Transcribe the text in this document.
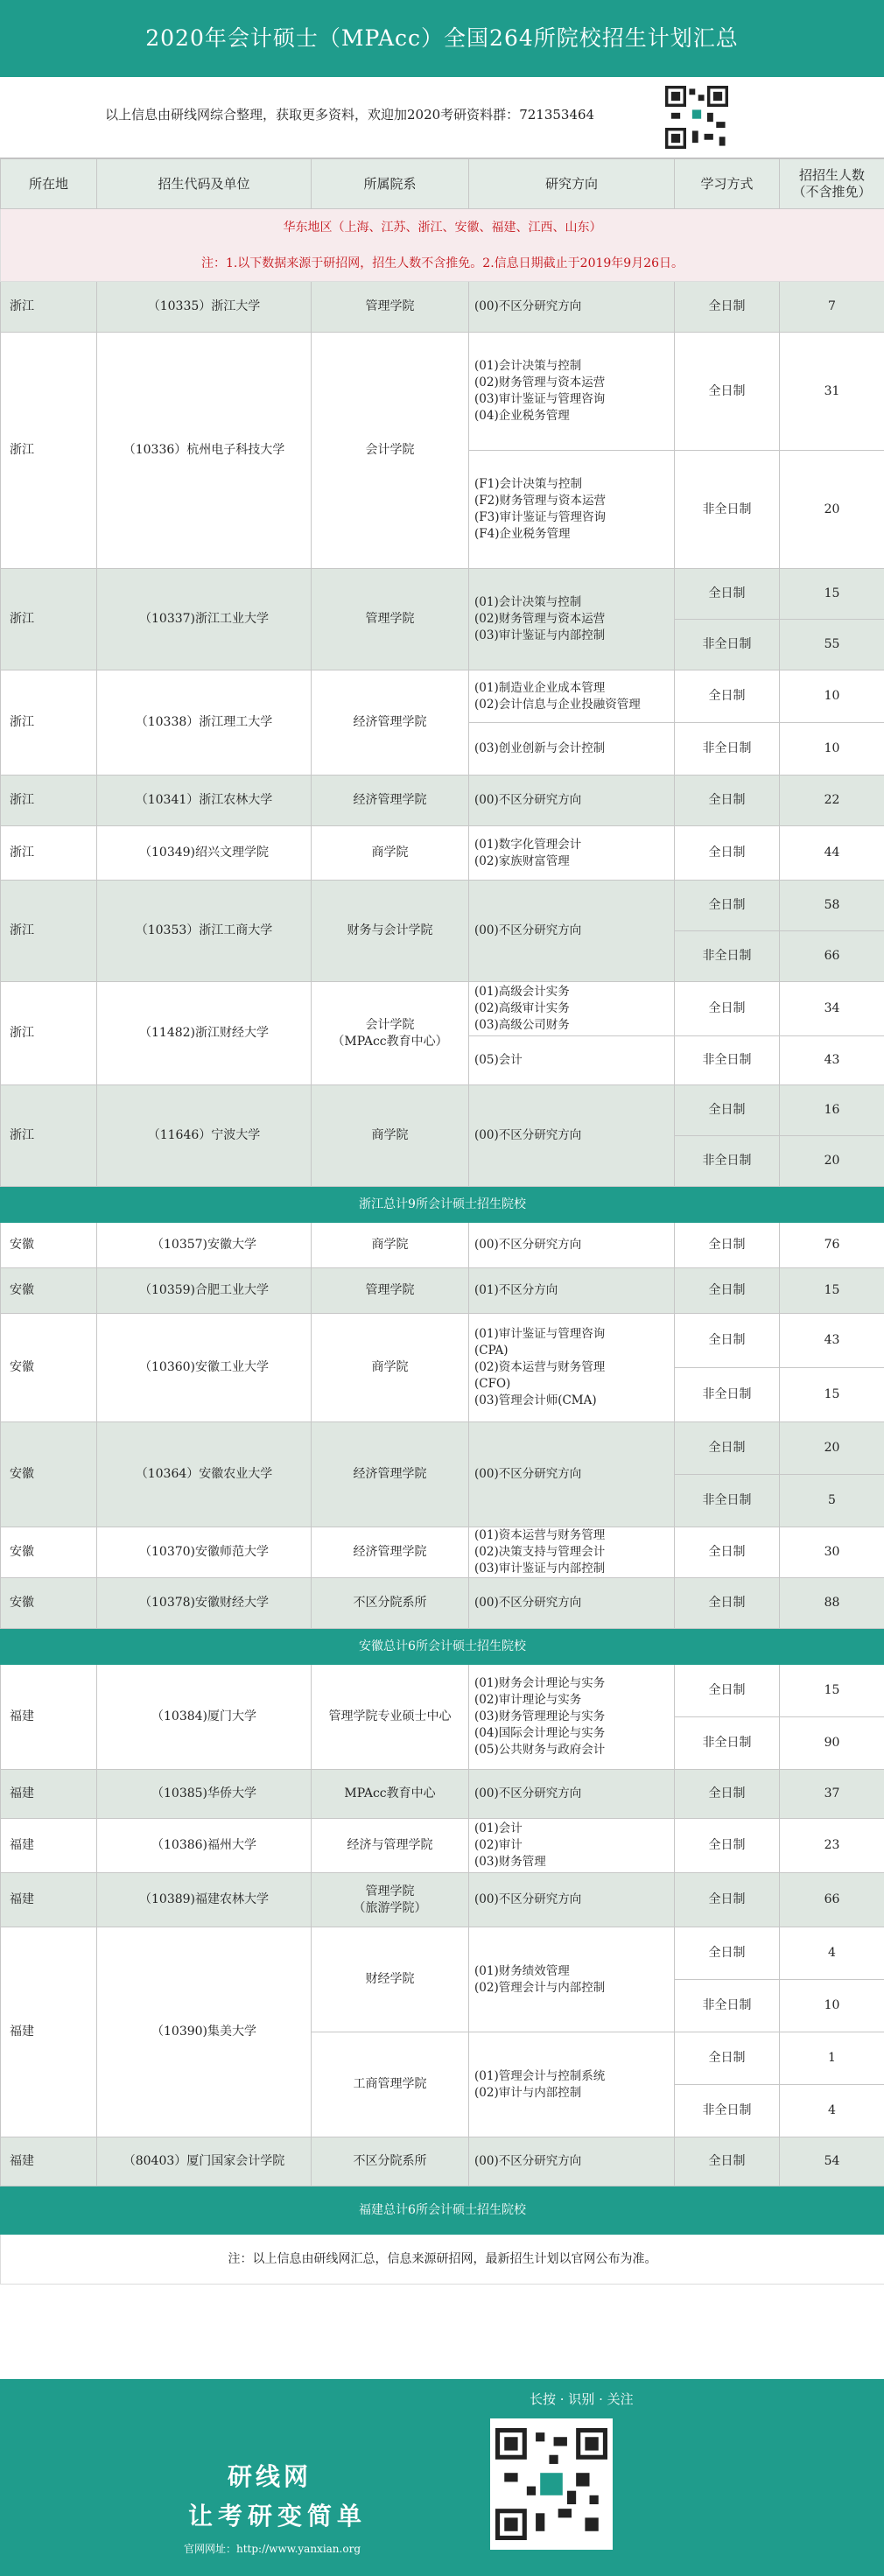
2020年会计硕士（MPAcc）全国264所院校招生计划汇总
以上信息由研线网综合整理，获取更多资料，欢迎加2020考研资料群：721353464
所在地	招生代码及单位	所属院系	研究方向	学习方式	招招生人数
（不含推免）
华东地区（上海、江苏、浙江、安徽、福建、江西、山东）					
注：1.以下数据来源于研招网，招生人数不含推免。2.信息日期截止于2019年9月26日。					
浙江	（10335）浙江大学	管理学院	(00)不区分研究方向	全日制	7
浙江	（10336）杭州电子科技大学	会计学院	(01)会计决策与控制
(02)财务管理与资本运营
(03)审计鉴证与管理咨询
(04)企业税务管理	全日制	31
			(F1)会计决策与控制
(F2)财务管理与资本运营
(F3)审计鉴证与管理咨询
(F4)企业税务管理	非全日制	20
浙江	（10337)浙江工业大学	管理学院	(01)会计决策与控制
(02)财务管理与资本运营
(03)审计鉴证与内部控制	全日制	15
				非全日制	55
浙江	（10338）浙江理工大学	经济管理学院	(01)制造业企业成本管理
(02)会计信息与企业投融资管理	全日制	10
			(03)创业创新与会计控制	非全日制	10
浙江	（10341）浙江农林大学	经济管理学院	(00)不区分研究方向	全日制	22
浙江	（10349)绍兴文理学院	商学院	(01)数字化管理会计
(02)家族财富管理	全日制	44
浙江	（10353）浙江工商大学	财务与会计学院	(00)不区分研究方向	全日制	58
				非全日制	66
浙江	（11482)浙江财经大学	会计学院
（MPAcc教育中心）	(01)高级会计实务
(02)高级审计实务
(03)高级公司财务	全日制	34
			(05)会计	非全日制	43
浙江	（11646）宁波大学	商学院	(00)不区分研究方向	全日制	16
				非全日制	20
浙江总计9所会计硕士招生院校					
安徽	（10357)安徽大学	商学院	(00)不区分研究方向	全日制	76
安徽	（10359)合肥工业大学	管理学院	(01)不区分方向	全日制	15
安徽	（10360)安徽工业大学	商学院	(01)审计鉴证与管理咨询
(CPA)
(02)资本运营与财务管理
(CFO)
(03)管理会计师(CMA)	全日制	43
				非全日制	15
安徽	（10364）安徽农业大学	经济管理学院	(00)不区分研究方向	全日制	20
				非全日制	5
安徽	（10370)安徽师范大学	经济管理学院	(01)资本运营与财务管理
(02)决策支持与管理会计
(03)审计鉴证与内部控制	全日制	30
安徽	（10378)安徽财经大学	不区分院系所	(00)不区分研究方向	全日制	88
安徽总计6所会计硕士招生院校					
福建	（10384)厦门大学	管理学院专业硕士中心	(01)财务会计理论与实务
(02)审计理论与实务
(03)财务管理理论与实务
(04)国际会计理论与实务
(05)公共财务与政府会计	全日制	15
				非全日制	90
福建	（10385)华侨大学	MPAcc教育中心	(00)不区分研究方向	全日制	37
福建	（10386)福州大学	经济与管理学院	(01)会计
(02)审计
(03)财务管理	全日制	23
福建	（10389)福建农林大学	管理学院
（旅游学院）	(00)不区分研究方向	全日制	66
福建	（10390)集美大学	财经学院	(01)财务绩效管理
(02)管理会计与内部控制	全日制	4
				非全日制	10
		工商管理学院	(01)管理会计与控制系统
(02)审计与内部控制	全日制	1
				非全日制	4
福建	（80403）厦门国家会计学院	不区分院系所	(00)不区分研究方向	全日制	54
福建总计6所会计硕士招生院校					
注：以上信息由研线网汇总，信息来源研招网，最新招生计划以官网公布为准。					
长按 · 识别 · 关注
研线网
让考研变简单
官网网址：http://www.yanxian.org
